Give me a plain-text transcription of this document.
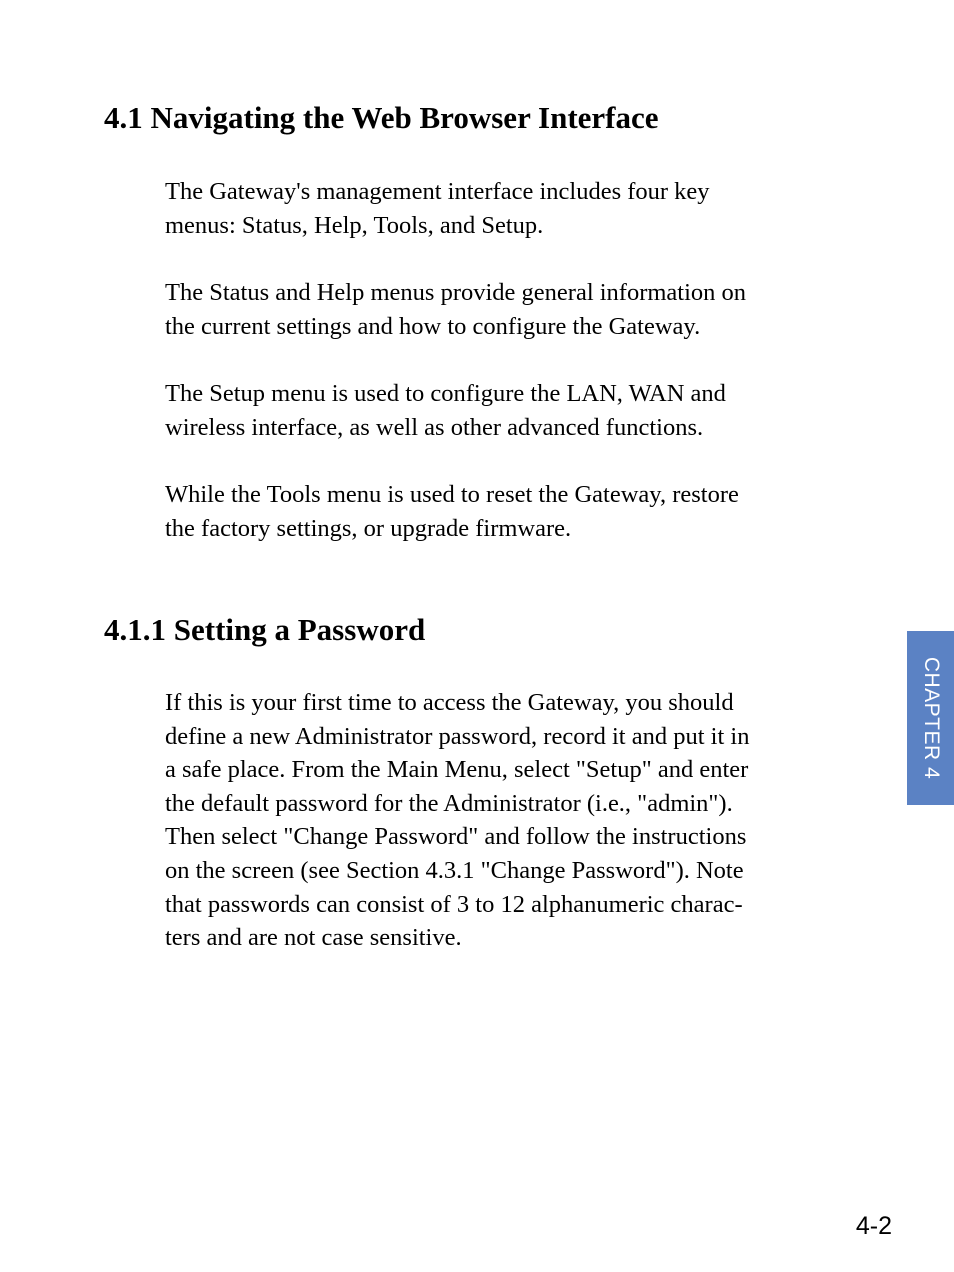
4.1 Navigating the Web Browser Interface

The Gateway's management interface includes four key
menus: Status, Help, Tools, and Setup.

The Status and Help menus provide general information on
the current settings and how to configure the Gateway.

The Setup menu is used to configure the LAN, WAN and
wireless interface, as well as other advanced functions.

While the Tools menu is used to reset the Gateway, restore
the factory settings, or upgrade firmware.

4.1.1 Setting a Password

If this is your first time to access the Gateway, you should
define a new Administrator password, record it and put it in
a safe place. From the Main Menu, select "Setup" and enter
the default password for the Administrator (i.e., "admin").
Then select "Change Password" and follow the instructions
on the screen (see Section 4.3.1 "Change Password"). Note
that passwords can consist of 3 to 12 alphanumeric charac-
ters and are not case sensitive.

CHAPTER 4
4-2
